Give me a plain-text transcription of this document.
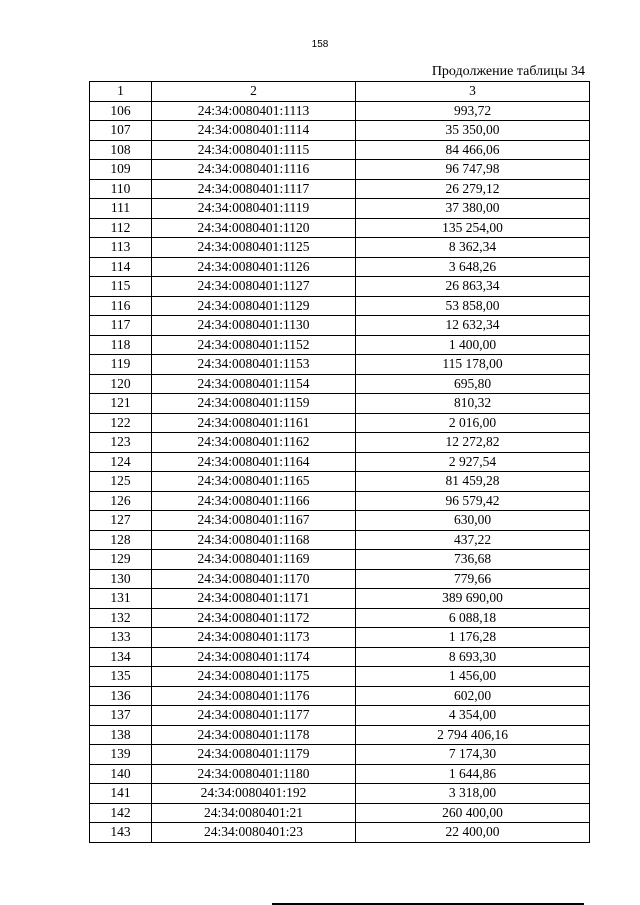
158
Продолжение таблицы 34
1	2	3
106	24:34:0080401:1113	993,72
107	24:34:0080401:1114	35 350,00
108	24:34:0080401:1115	84 466,06
109	24:34:0080401:1116	96 747,98
110	24:34:0080401:1117	26 279,12
111	24:34:0080401:1119	37 380,00
112	24:34:0080401:1120	135 254,00
113	24:34:0080401:1125	8 362,34
114	24:34:0080401:1126	3 648,26
115	24:34:0080401:1127	26 863,34
116	24:34:0080401:1129	53 858,00
117	24:34:0080401:1130	12 632,34
118	24:34:0080401:1152	1 400,00
119	24:34:0080401:1153	115 178,00
120	24:34:0080401:1154	695,80
121	24:34:0080401:1159	810,32
122	24:34:0080401:1161	2 016,00
123	24:34:0080401:1162	12 272,82
124	24:34:0080401:1164	2 927,54
125	24:34:0080401:1165	81 459,28
126	24:34:0080401:1166	96 579,42
127	24:34:0080401:1167	630,00
128	24:34:0080401:1168	437,22
129	24:34:0080401:1169	736,68
130	24:34:0080401:1170	779,66
131	24:34:0080401:1171	389 690,00
132	24:34:0080401:1172	6 088,18
133	24:34:0080401:1173	1 176,28
134	24:34:0080401:1174	8 693,30
135	24:34:0080401:1175	1 456,00
136	24:34:0080401:1176	602,00
137	24:34:0080401:1177	4 354,00
138	24:34:0080401:1178	2 794 406,16
139	24:34:0080401:1179	7 174,30
140	24:34:0080401:1180	1 644,86
141	24:34:0080401:192	3 318,00
142	24:34:0080401:21	260 400,00
143	24:34:0080401:23	22 400,00
